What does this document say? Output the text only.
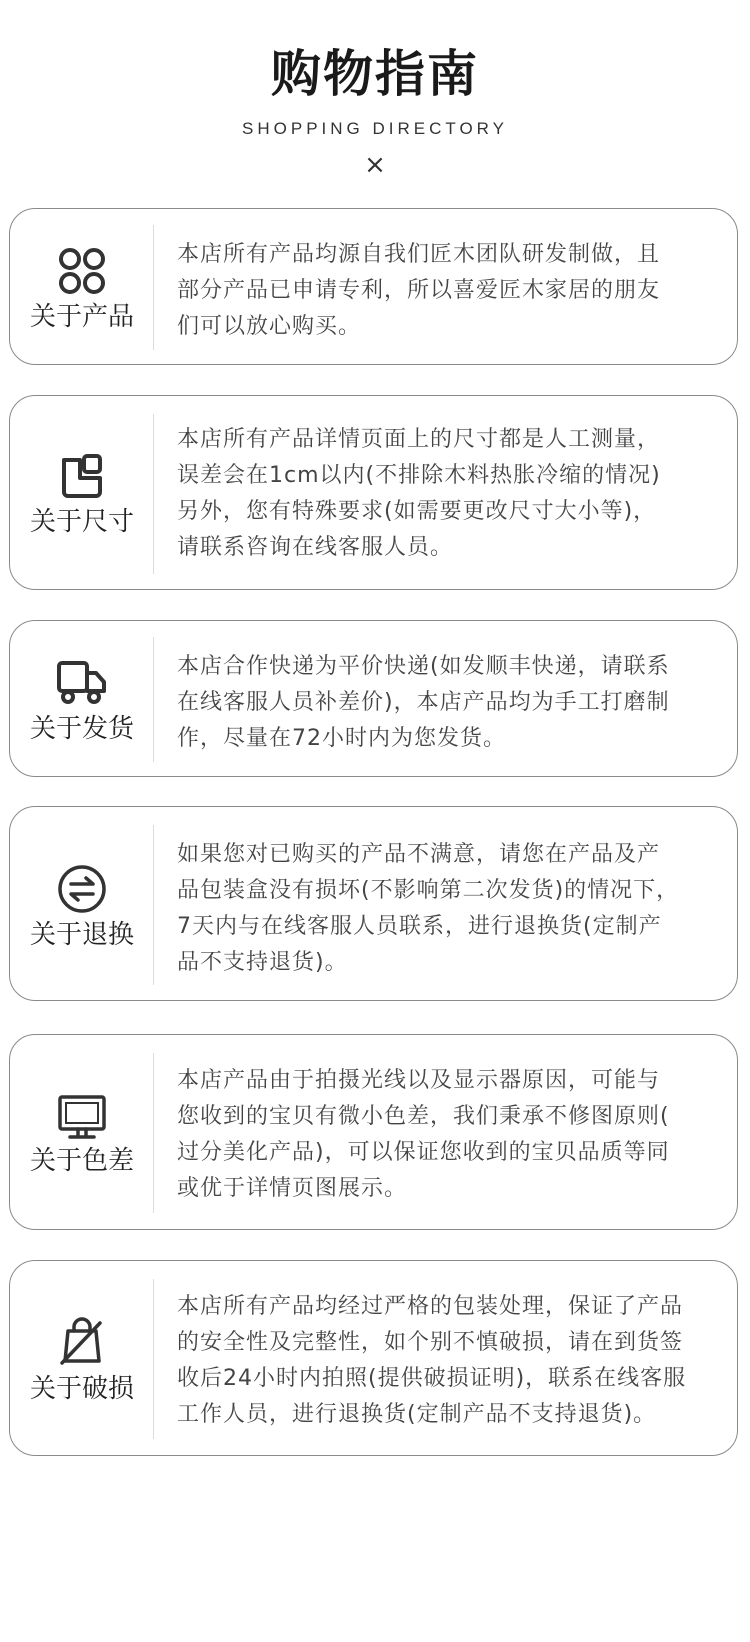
购物指南
SHOPPING DIRECTORY
×
关于产品
本店所有产品均源自我们匠木团队研发制做，且
部分产品已申请专利，所以喜爱匠木家居的朋友
们可以放心购买。
关于尺寸
本店所有产品详情页面上的尺寸都是人工测量，
误差会在1cm以内(不排除木料热胀冷缩的情况)
另外，您有特殊要求(如需要更改尺寸大小等)，
请联系咨询在线客服人员。
关于发货
本店合作快递为平价快递(如发顺丰快递，请联系
在线客服人员补差价)，本店产品均为手工打磨制
作，尽量在72小时内为您发货。
关于退换
如果您对已购买的产品不满意，请您在产品及产
品包装盒没有损坏(不影响第二次发货)的情况下，
7天内与在线客服人员联系，进行退换货(定制产
品不支持退货)。
关于色差
本店产品由于拍摄光线以及显示器原因，可能与
您收到的宝贝有微小色差，我们秉承不修图原则(
过分美化产品)，可以保证您收到的宝贝品质等同
或优于详情页图展示。
关于破损
本店所有产品均经过严格的包装处理，保证了产品
的安全性及完整性，如个别不慎破损，请在到货签
收后24小时内拍照(提供破损证明)，联系在线客服
工作人员，进行退换货(定制产品不支持退货)。
